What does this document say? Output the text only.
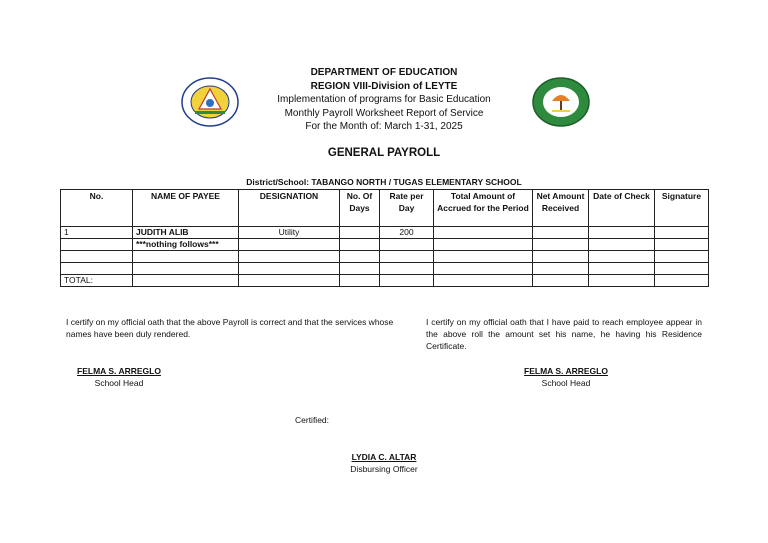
DEPARTMENT OF EDUCATION
REGION VIII-Division of LEYTE
Implementation of programs for Basic Education
Monthly Payroll Worksheet Report of Service
For the Month of: March 1-31, 2025
GENERAL PAYROLL
District/School: TABANGO NORTH / TUGAS ELEMENTARY SCHOOL
No.	NAME OF PAYEE	DESIGNATION	No. Of Days	Rate per Day	Total Amount of Accrued for the Period	Net Amount Received	Date of Check	Signature
1	JUDITH ALIB	Utility		200				
	***nothing follows***							

TOTAL:								
I certify on my official oath that the above Payroll is correct and that the services whose names have been duly rendered.
I certify on my official oath that I have paid to reach employee appear in the above roll the amount set his name, he having his Residence Certificate.
FELMA S. ARREGLO
School Head
FELMA S. ARREGLO
School Head
Certified:
LYDIA C. ALTAR
Disbursing Officer
